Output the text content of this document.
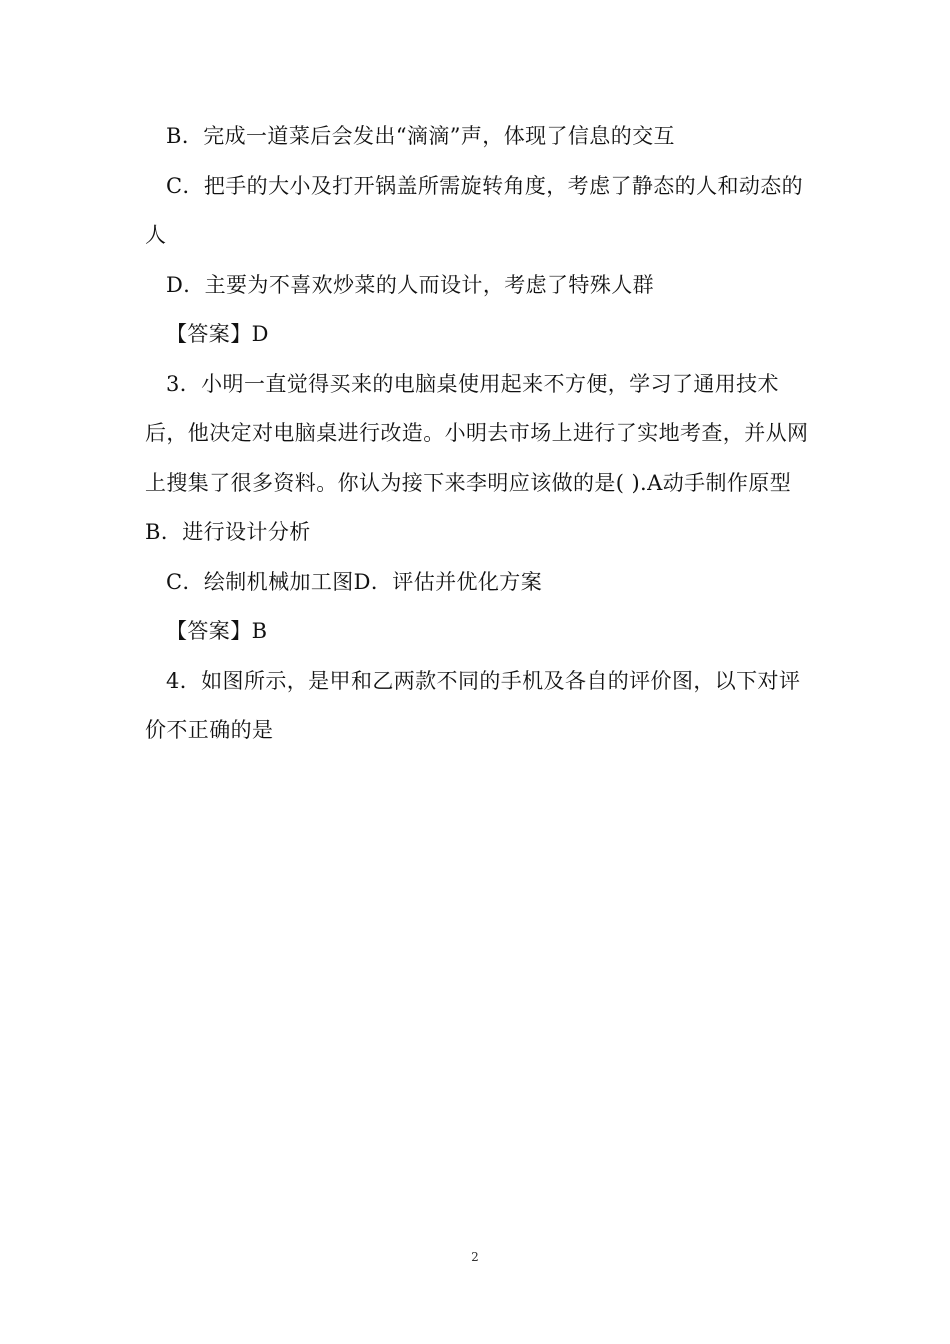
B．完成一道菜后会发出“滴滴”声，体现了信息的交互

C．把手的大小及打开锅盖所需旋转角度，考虑了静态的人和动态的人

D．主要为不喜欢炒菜的人而设计，考虑了特殊人群

【答案】D

3．小明一直觉得买来的电脑桌使用起来不方便，学习了通用技术后，他决定对电脑桌进行改造。小明去市场上进行了实地考查，并从网上搜集了很多资料。你认为接下来李明应该做的是( ).A动手制作原型B．进行设计分析

C．绘制机械加工图D．评估并优化方案

【答案】B

4．如图所示，是甲和乙两款不同的手机及各自的评价图，以下对评价不正确的是

2
